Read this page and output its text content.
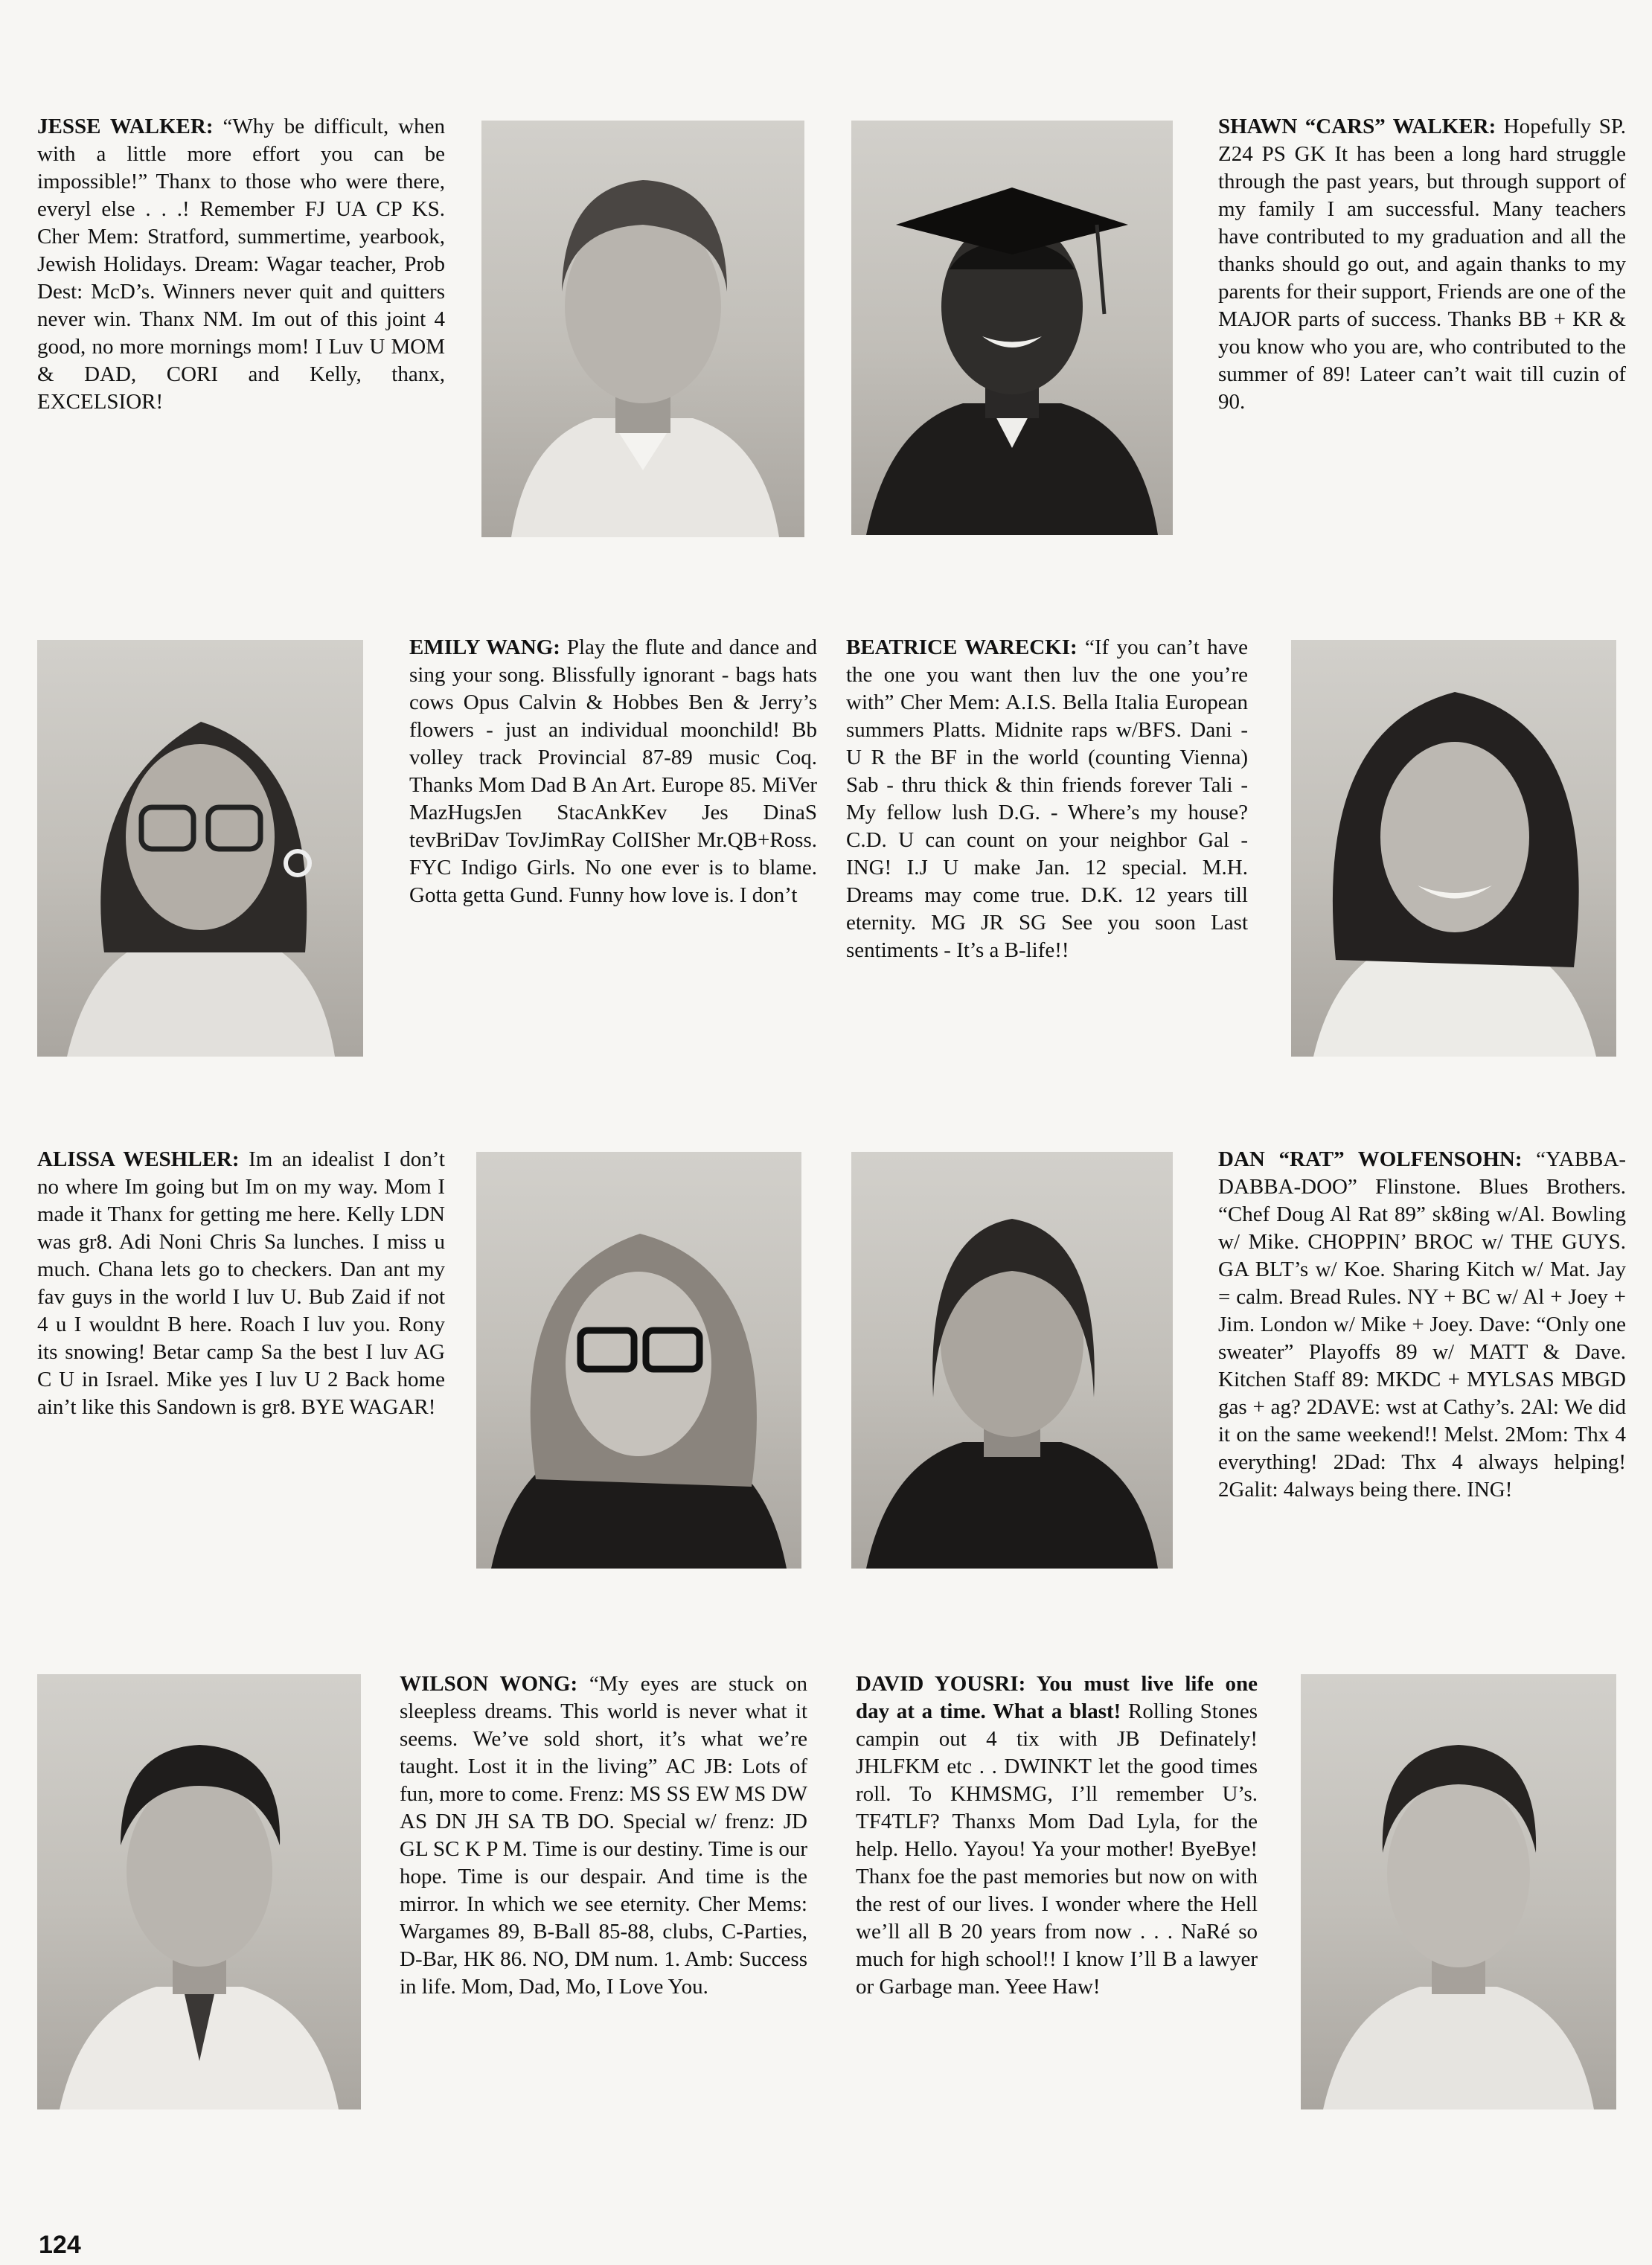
JESSE WALKER: “Why be difficult, when with a little more effort you can be impossible!” Thanx to those who were there, everyl else . . .! Remember FJ UA CP KS. Cher Mem: Stratford, summertime, yearbook, Jewish Holidays. Dream: Wagar teacher, Prob Dest: McD’s. Winners never quit and quitters never win. Thanx NM. Im out of this joint 4 good, no more mornings mom! I Luv U MOM & DAD, CORI and Kelly, thanx, EXCELSIOR!

SHAWN “CARS” WALKER: Hopefully SP. Z24 PS GK It has been a long hard struggle through the past years, but through support of my family I am successful. Many teachers have contributed to my graduation and all the thanks should go out, and again thanks to my parents for their support, Friends are one of the MAJOR parts of success. Thanks BB + KR & you know who you are, who contributed to the summer of 89! Lateer can’t wait till cuzin of 90.

EMILY WANG: Play the flute and dance and sing your song. Blissfully ignorant - bags hats cows Opus Calvin & Hobbes Ben & Jerry’s flowers - just an individual moonchild! Bb volley track Provincial 87-89 music Coq. Thanks Mom Dad B An Art. Europe 85. MiVer MazHugsJen StacAnkKev Jes DinaS tevBriDav TovJimRay ColISher Mr.QB+Ross. FYC Indigo Girls. No one ever is to blame. Gotta getta Gund. Funny how love is. I don’t

BEATRICE WARECKI: “If you can’t have the one you want then luv the one you’re with” Cher Mem: A.I.S. Bella Italia European summers Platts. Midnite raps w/BFS. Dani - U R the BF in the world (counting Vienna) Sab - thru thick & thin friends forever Tali - My fellow lush D.G. - Where’s my house? C.D. U can count on your neighbor Gal - ING! I.J U make Jan. 12 special. M.H. Dreams may come true. D.K. 12 years till eternity. MG JR SG See you soon Last sentiments - It’s a B-life!!

ALISSA WESHLER: Im an idealist I don’t no where Im going but Im on my way. Mom I made it Thanx for getting me here. Kelly LDN was gr8. Adi Noni Chris Sa lunches. I miss u much. Chana lets go to checkers. Dan ant my fav guys in the world I luv U. Bub Zaid if not 4 u I wouldnt B here. Roach I luv you. Rony its snowing! Betar camp Sa the best I luv AG C U in Israel. Mike yes I luv U 2 Back home ain’t like this Sandown is gr8. BYE WAGAR!

DAN “RAT” WOLFENSOHN: “YABBA-DABBA-DOO” Flinstone. Blues Brothers. “Chef Doug Al Rat 89” sk8ing w/Al. Bowling w/ Mike. CHOPPIN’ BROC w/ THE GUYS. GA BLT’s w/ Koe. Sharing Kitch w/ Mat. Jay = calm. Bread Rules. NY + BC w/ Al + Joey + Jim. London w/ Mike + Joey. Dave: “Only one sweater” Playoffs 89 w/ MATT & Dave. Kitchen Staff 89: MKDC + MYLSAS MBGD gas + ag? 2DAVE: wst at Cathy’s. 2Al: We did it on the same weekend!! Melst. 2Mom: Thx 4 everything! 2Dad: Thx 4 always helping! 2Galit: 4always being there. ING!

WILSON WONG: “My eyes are stuck on sleepless dreams. This world is never what it seems. We’ve sold short, it’s what we’re taught. Lost it in the living” AC JB: Lots of fun, more to come. Frenz: MS SS EW MS DW AS DN JH SA TB DO. Special w/ frenz: JD GL SC K P M. Time is our destiny. Time is our hope. Time is our despair. And time is the mirror. In which we see eternity. Cher Mems: Wargames 89, B-Ball 85-88, clubs, C-Parties, D-Bar, HK 86. NO, DM num. 1. Amb: Success in life. Mom, Dad, Mo, I Love You.

DAVID YOUSRI: You must live life one day at a time. What a blast! Rolling Stones campin out 4 tix with JB Definately! JHLFKM etc . . DWINKT let the good times roll. To KHMSMG, I’ll remember U’s. TF4TLF? Thanxs Mom Dad Lyla, for the help. Hello. Yayou! Ya your mother! ByeBye! Thanx foe the past memories but now on with the rest of our lives. I wonder where the Hell we’ll all B 20 years from now . . . NaRé so much for high school!! I know I’ll B a lawyer or Garbage man. Yeee Haw!

124
